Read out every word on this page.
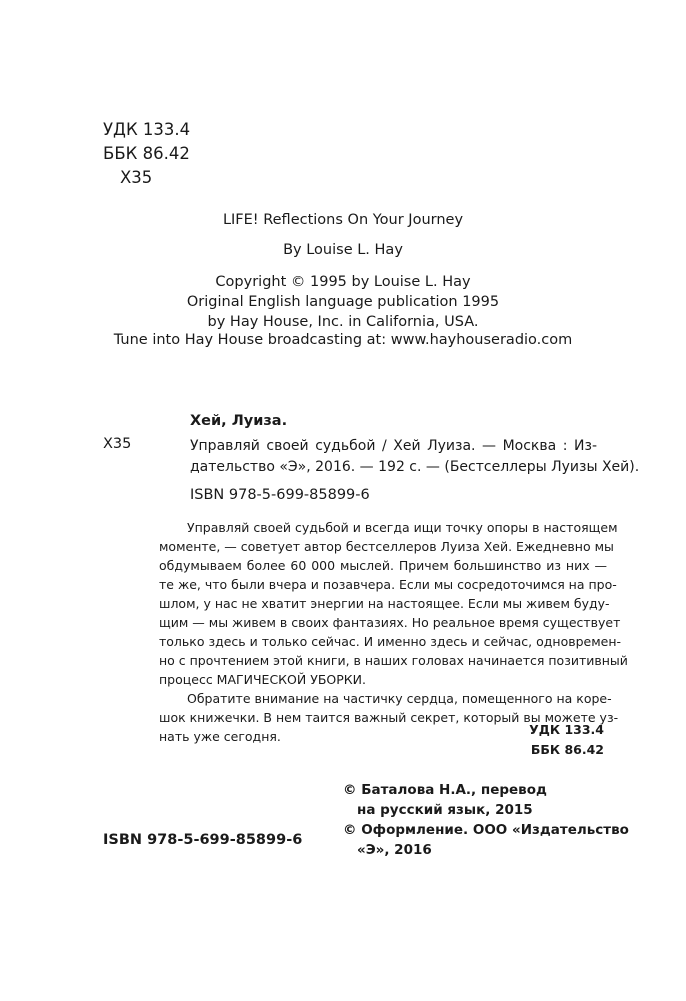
УДК 133.4
ББК 86.42
Х35
LIFE! Reflections On Your Journey
By Louise L. Hay
Copyright © 1995 by Louise L. Hay
Original English language publication 1995
by Hay House, Inc. in California, USA.
Tune into Hay House broadcasting at: www.hayhouseradio.com
Хей, Луиза.
Х35	Управляй своей судьбой / Хей Луиза. — Москва : Из-
дательство «Э», 2016. — 192 с. — (Бестселлеры Луизы Хей).
ISBN 978-5-699-85899-6
Управляй своей судьбой и всегда ищи точку опоры в настоящем
моменте, — советует автор бестселлеров Луиза Хей. Ежедневно мы
обдумываем более 60 000 мыслей. Причем большинство из них —
те же, что были вчера и позавчера. Если мы сосредоточимся на про-
шлом, у нас не хватит энергии на настоящее. Если мы живем буду-
щим — мы живем в своих фантазиях. Но реальное время существует
только здесь и только сейчас. И именно здесь и сейчас, одновремен-
но с прочтением этой книги, в наших головах начинается позитивный
процесс МАГИЧЕСКОЙ УБОРКИ.
Обратите внимание на частичку сердца, помещенного на коре-
шок книжечки. В нем таится важный секрет, который вы можете уз-
нать уже сегодня.	УДК 133.4
ББК 86.42
© Баталова Н.А., перевод
на русский язык, 2015
© Оформление. ООО «Издательство
«Э», 2016
ISBN 978-5-699-85899-6
